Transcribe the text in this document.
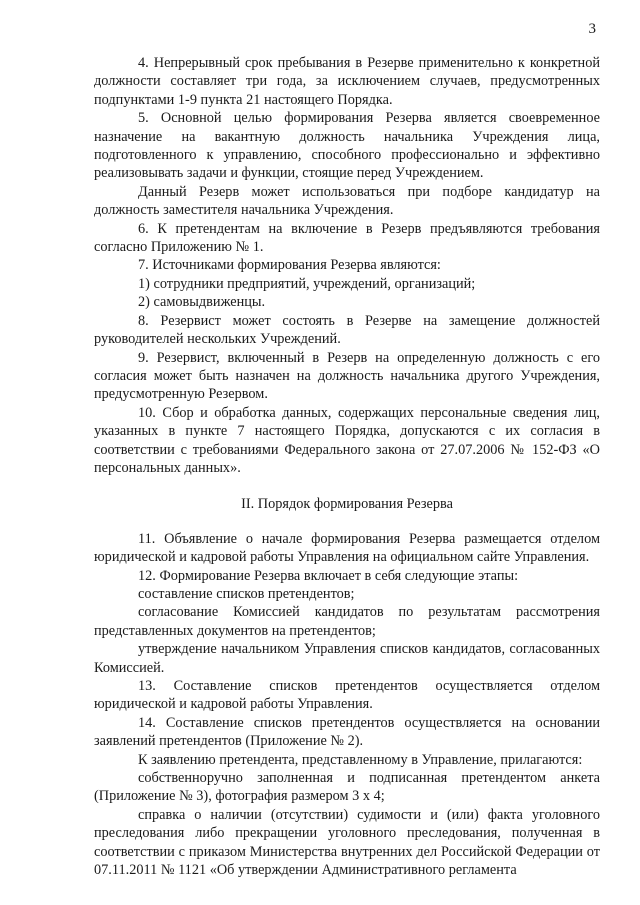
3

4. Непрерывный срок пребывания в Резерве применительно к конкретной должности составляет три года, за исключением случаев, предусмотренных подпунктами 1-9 пункта 21 настоящего Порядка.

5. Основной целью формирования Резерва является своевременное назначение на вакантную должность начальника Учреждения лица, подготовленного к управлению, способного профессионально и эффективно реализовывать задачи и функции, стоящие перед Учреждением.

Данный Резерв может использоваться при подборе кандидатур на должность заместителя начальника Учреждения.

6. К претендентам на включение в Резерв предъявляются требования согласно Приложению № 1.

7. Источниками формирования Резерва являются:

1) сотрудники предприятий, учреждений, организаций;

2) самовыдвиженцы.

8. Резервист может состоять в Резерве на замещение должностей руководителей нескольких Учреждений.

9. Резервист, включенный в Резерв на определенную должность с его согласия может быть назначен на должность начальника другого Учреждения, предусмотренную Резервом.

10. Сбор и обработка данных, содержащих персональные сведения лиц, указанных в пункте 7 настоящего Порядка, допускаются с их согласия в соответствии с требованиями Федерального закона от 27.07.2006 № 152-ФЗ «О персональных данных».

II. Порядок формирования Резерва

11. Объявление о начале формирования Резерва размещается отделом юридической и кадровой работы Управления на официальном сайте Управления.

12. Формирование Резерва включает в себя следующие этапы:

составление списков претендентов;

согласование Комиссией кандидатов по результатам рассмотрения представленных документов на претендентов;

утверждение начальником Управления списков кандидатов, согласованных Комиссией.

13. Составление списков претендентов осуществляется отделом юридической и кадровой работы Управления.

14. Составление списков претендентов осуществляется на основании заявлений претендентов (Приложение № 2).

К заявлению претендента, представленному в Управление, прилагаются:

собственноручно заполненная и подписанная претендентом анкета (Приложение № 3), фотография размером 3 х 4;

справка о наличии (отсутствии) судимости и (или) факта уголовного преследования либо прекращении уголовного преследования, полученная в соответствии с приказом Министерства внутренних дел Российской Федерации от 07.11.2011 № 1121 «Об утверждении Административного регламента
